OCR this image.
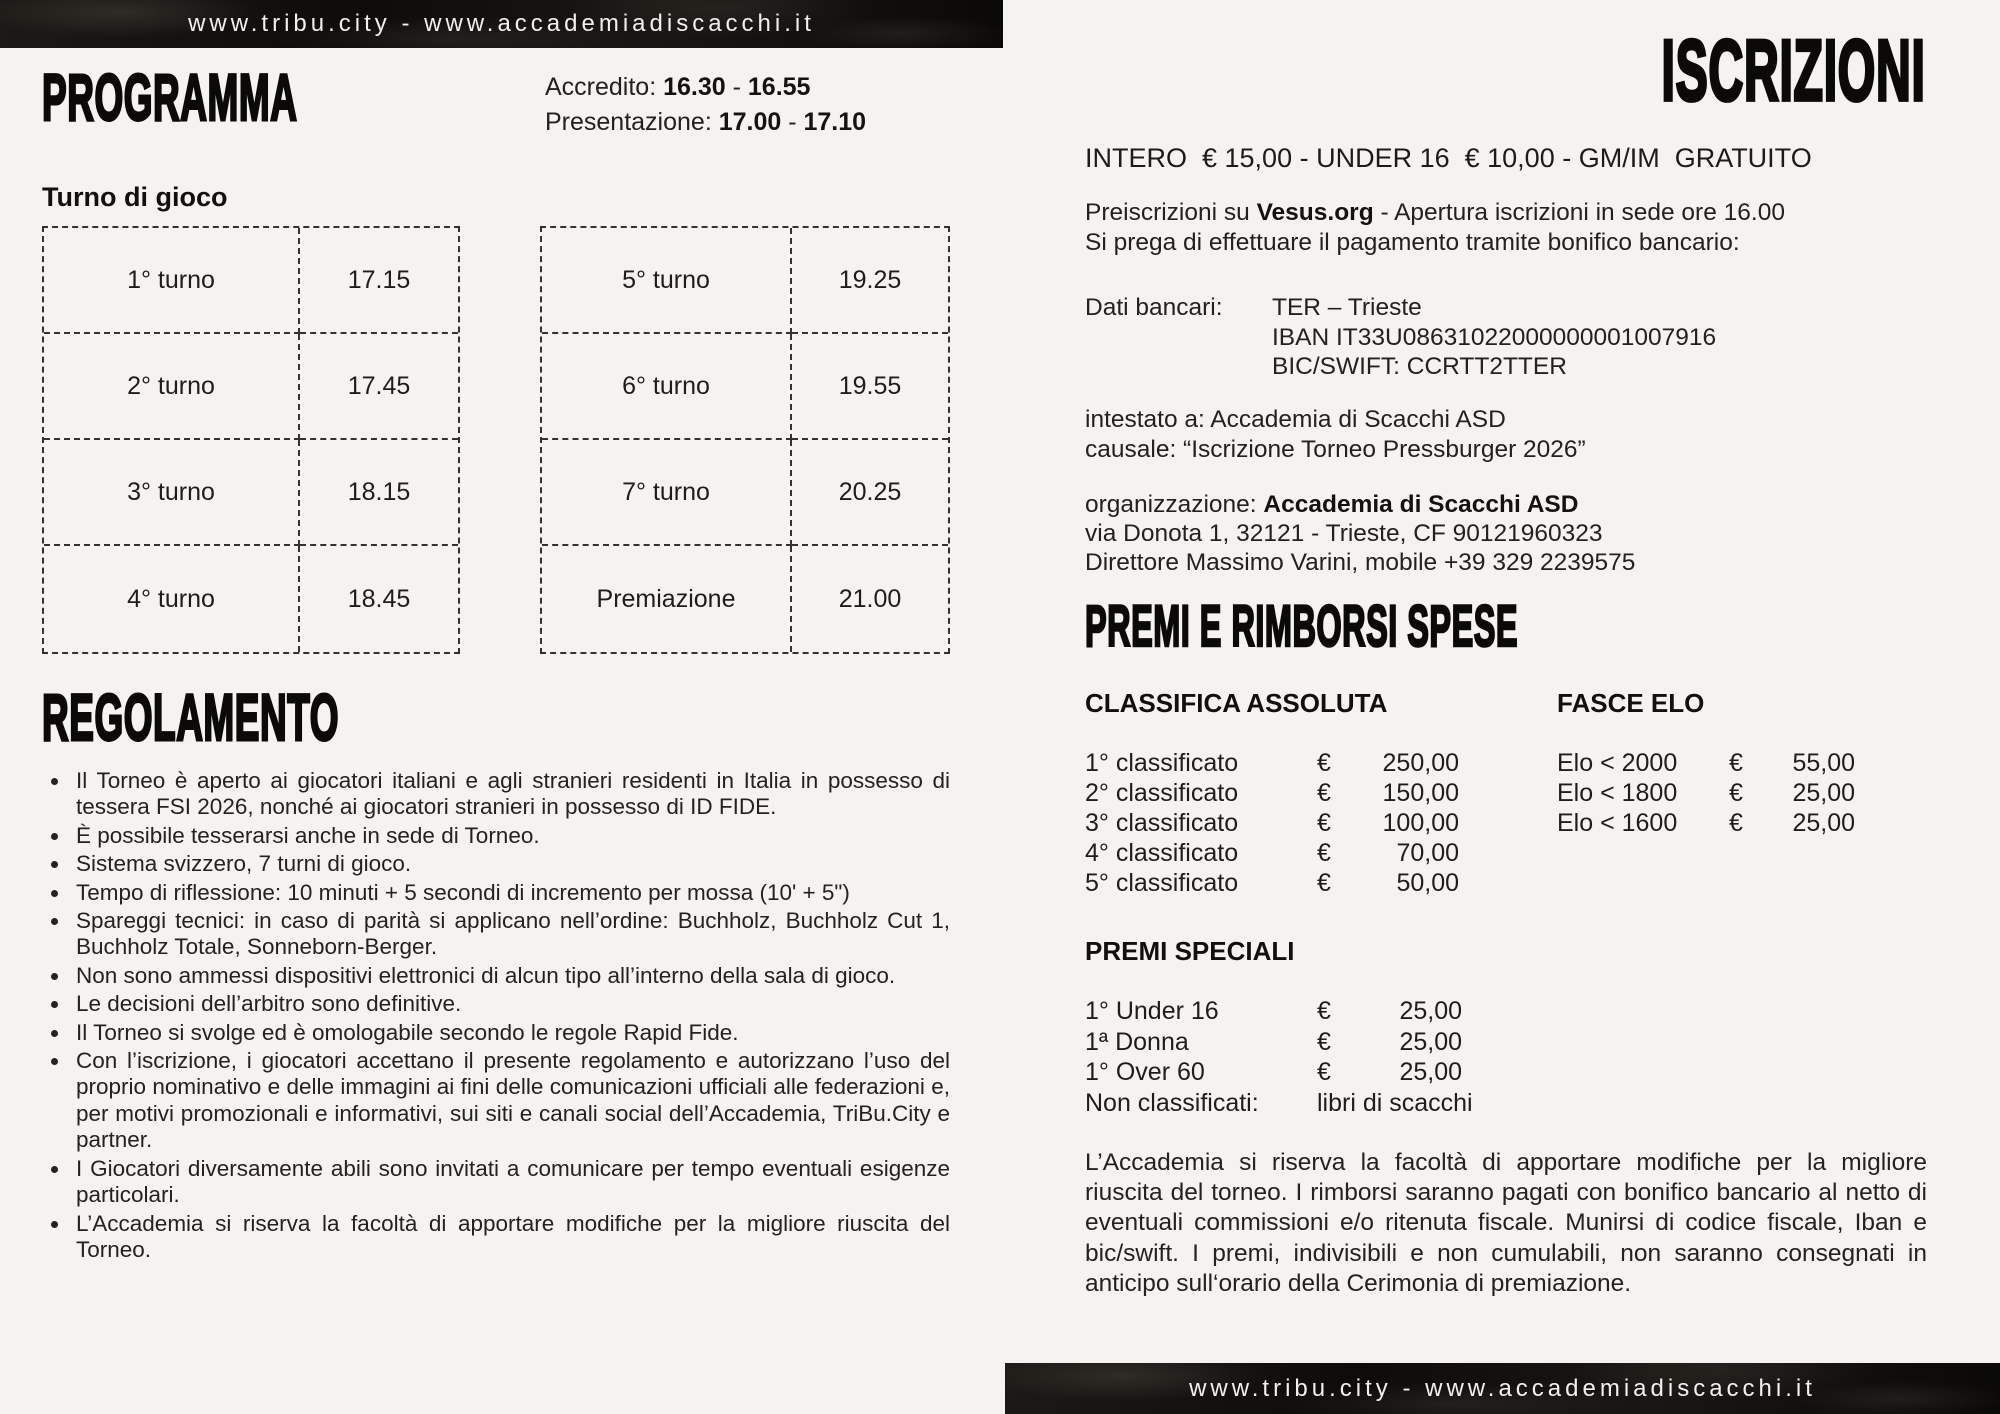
www.tribu.city - www.accademiadiscacchi.it
PROGRAMMA	Accredito: 16.30 - 16.55
Presentazione: 17.00 - 17.10
Turno di gioco
1° turno	17.15
2° turno	17.45
3° turno	18.15
4° turno	18.45
5° turno	19.25
6° turno	19.55
7° turno	20.25
Premiazione	21.00
REGOLAMENTO
Il Torneo è aperto ai giocatori italiani e agli stranieri residenti in Italia in possesso di tessera FSI 2026, nonché ai giocatori stranieri in possesso di ID FIDE.
È possibile tesserarsi anche in sede di Torneo.
Sistema svizzero, 7 turni di gioco.
Tempo di riflessione: 10 minuti + 5 secondi di incremento per mossa (10' + 5")
Spareggi tecnici: in caso di parità si applicano nell’ordine: Buchholz, Buchholz Cut 1, Buchholz Totale, Sonneborn-Berger.
Non sono ammessi dispositivi elettronici di alcun tipo all’interno della sala di gioco.
Le decisioni dell’arbitro sono definitive.
Il Torneo si svolge ed è omologabile secondo le regole Rapid Fide.
Con l’iscrizione, i giocatori accettano il presente regolamento e autorizzano l’uso del proprio nominativo e delle immagini ai fini delle comunicazioni ufficiali alle federazioni e, per motivi promozionali e informativi, sui siti e canali social dell’Accademia, TriBu.City e partner.
I Giocatori diversamente abili sono invitati a comunicare per tempo eventuali esigenze particolari.
L’Accademia si riserva la facoltà di apportare modifiche per la migliore riuscita del Torneo.
ISCRIZIONI
INTERO  € 15,00 - UNDER 16  € 10,00 - GM/IM  GRATUITO
Preiscrizioni su Vesus.org - Apertura iscrizioni in sede ore 16.00
Si prega di effettuare il pagamento tramite bonifico bancario:
Dati bancari:	TER – Trieste
IBAN IT33U08631022000000001007916
BIC/SWIFT: CCRTT2TTER
intestato a: Accademia di Scacchi ASD
causale: “Iscrizione Torneo Pressburger 2026”
organizzazione: Accademia di Scacchi ASD
via Donota 1, 32121 - Trieste, CF 90121960323
Direttore Massimo Varini, mobile +39 329 2239575
PREMI E RIMBORSI SPESE
CLASSIFICA ASSOLUTA	FASCE ELO
1° classificato	€	250,00
2° classificato	€	150,00
3° classificato	€	100,00
4° classificato	€	70,00
5° classificato	€	50,00
Elo < 2000	€	55,00
Elo < 1800	€	25,00
Elo < 1600	€	25,00
PREMI SPECIALI
1° Under 16	€	25,00
1ª Donna	€	25,00
1° Over 60	€	25,00
Non classificati:	libri di scacchi
L’Accademia si riserva la facoltà di apportare modifiche per la migliore riuscita del torneo. I rimborsi saranno pagati con bonifico bancario al netto di eventuali commissioni e/o ritenuta fiscale. Munirsi di codice fiscale, Iban e bic/swift. I premi, indivisibili e non cumulabili, non saranno consegnati in anticipo sull‘orario della Cerimonia di premiazione.
www.tribu.city - www.accademiadiscacchi.it
